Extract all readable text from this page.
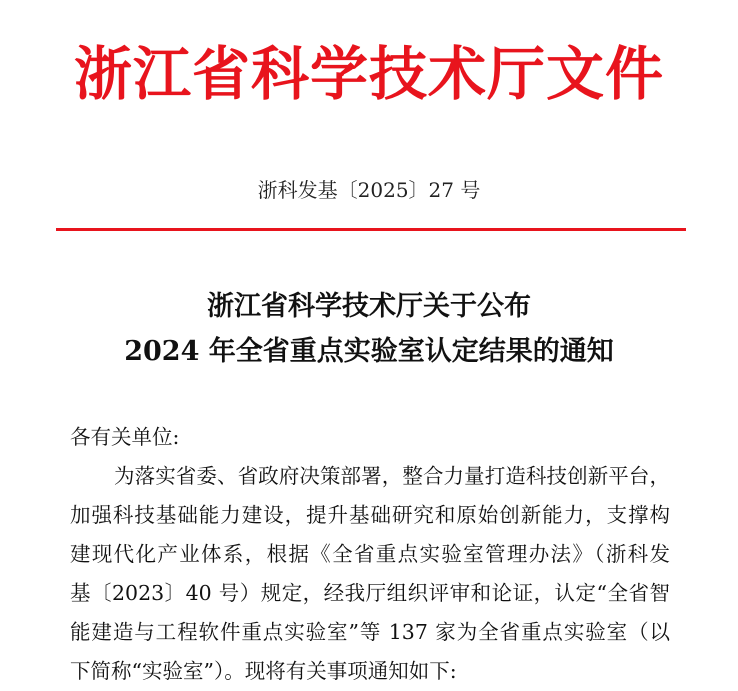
浙江省科学技术厅文件
浙科发基〔2025〕27 号
浙江省科学技术厅关于公布
2024 年全省重点实验室认定结果的通知
各有关单位:
为落实省委、省政府决策部署，整合力量打造科技创新平台，
加强科技基础能力建设，提升基础研究和原始创新能力，支撑构
建现代化产业体系，根据《全省重点实验室管理办法》（浙科发
基〔2023〕40 号）规定，经我厅组织评审和论证，认定“全省智
能建造与工程软件重点实验室”等 137 家为全省重点实验室（以
下简称“实验室”）。现将有关事项通知如下:
